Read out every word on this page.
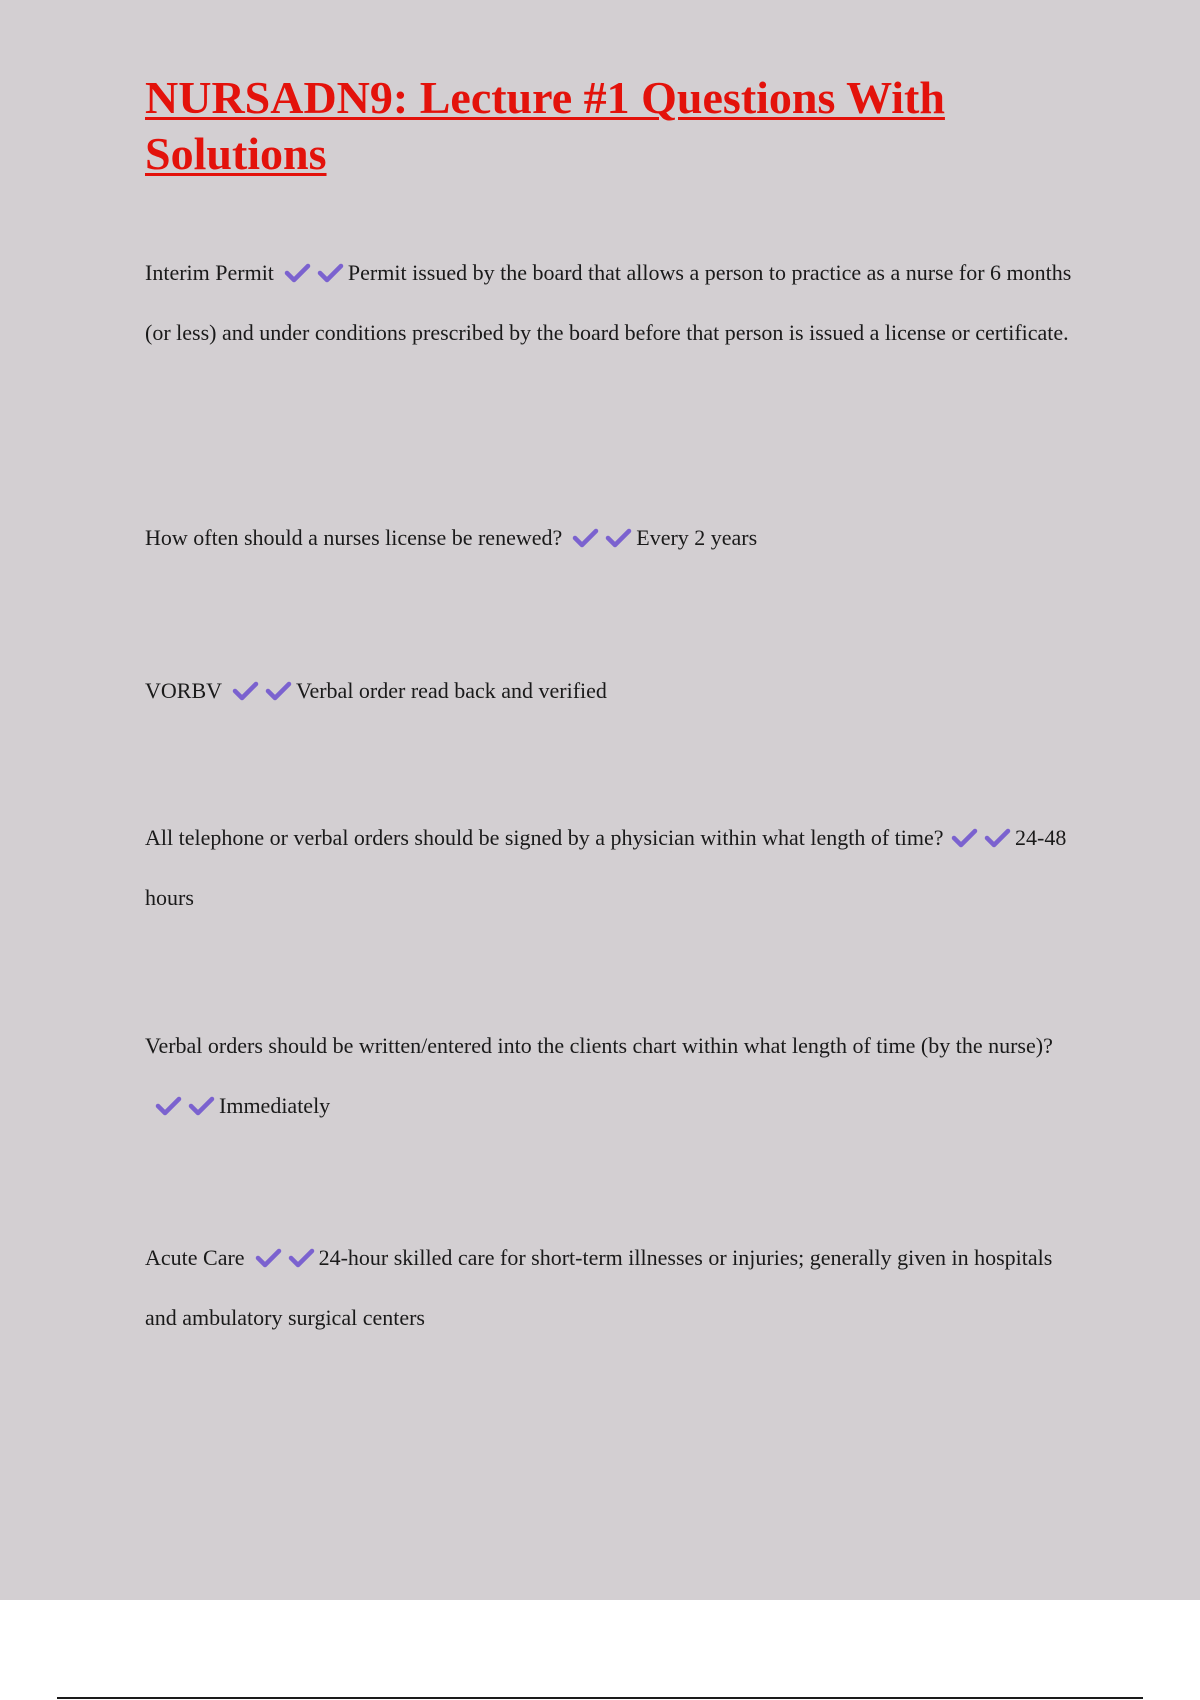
NURSADN9: Lecture #1 Questions With Solutions

Interim Permit	Permit issued by the board that allows a person to practice as a nurse for 6 months (or less) and under conditions prescribed by the board before that person is issued a license or certificate.

How often should a nurses license be renewed?	Every 2 years

VORBV	Verbal order read back and verified

All telephone or verbal orders should be signed by a physician within what length of time?	24-48 hours

Verbal orders should be written/entered into the clients chart within what length of time (by the nurse)?
Immediately

Acute Care	24-hour skilled care for short-term illnesses or injuries; generally given in hospitals and ambulatory surgical centers
